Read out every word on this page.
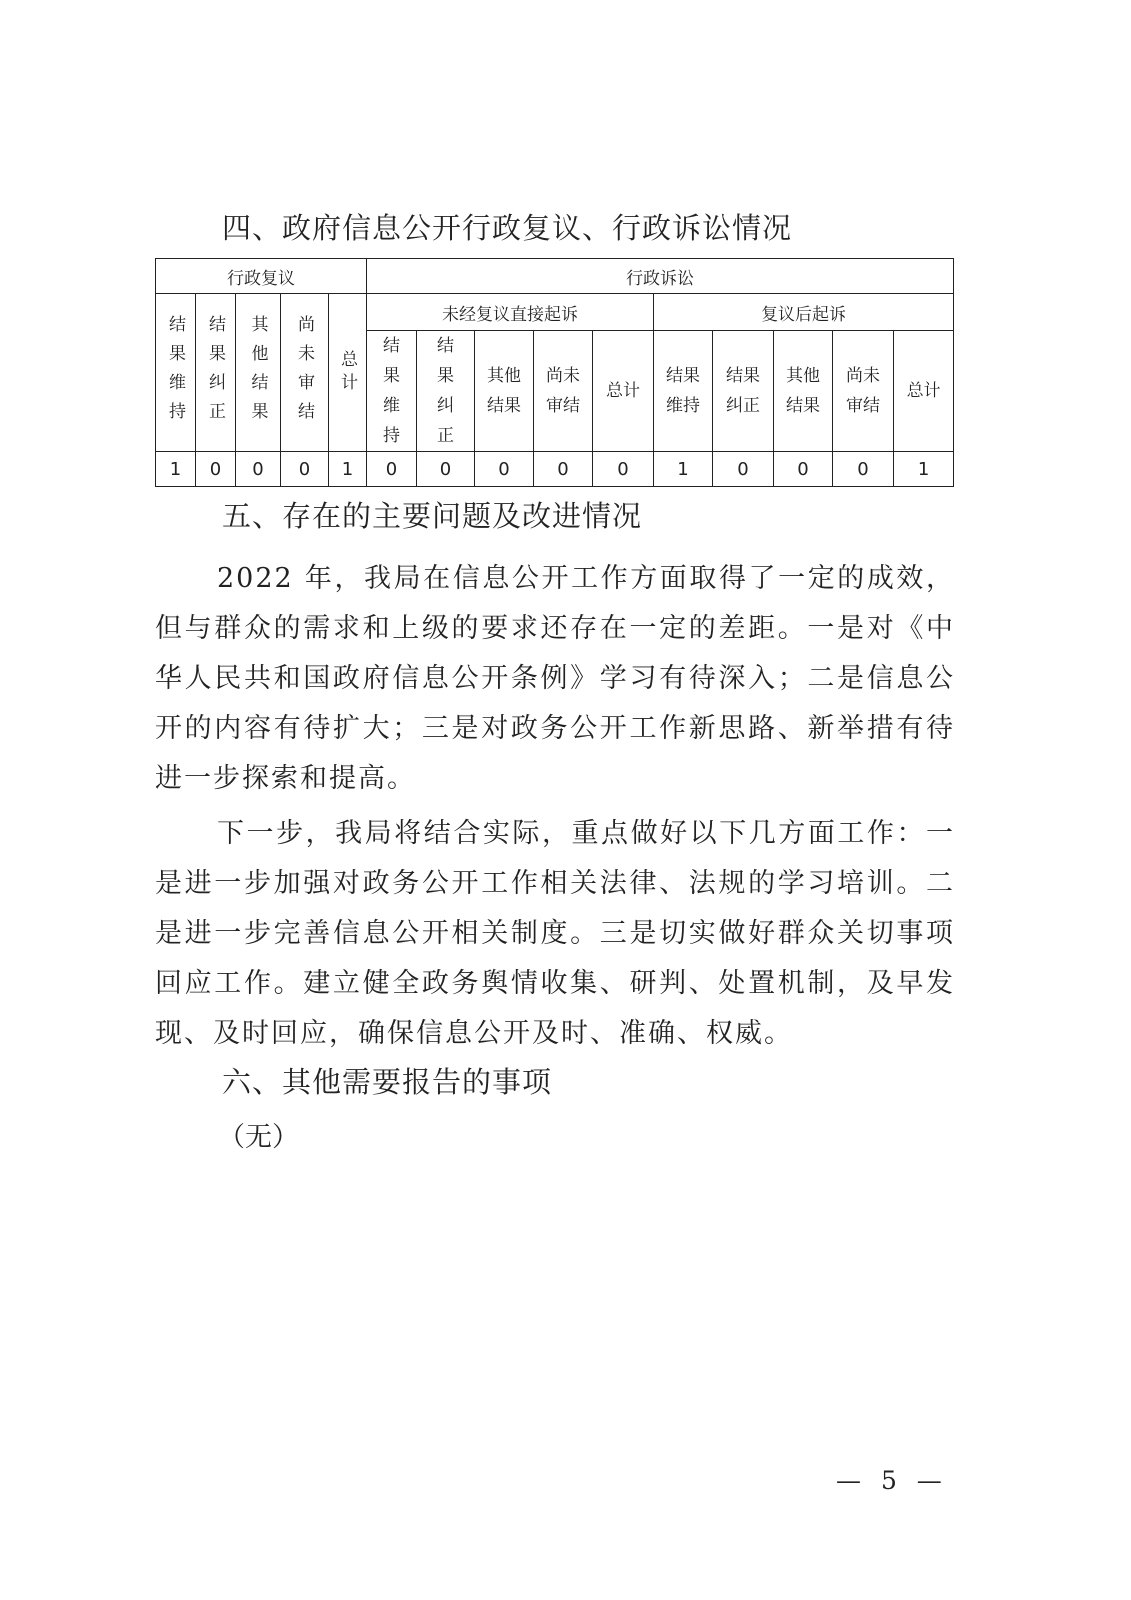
四、政府信息公开行政复议、行政诉讼情况
行政复议					行政诉讼									
结果维持	结果纠正	其他结果	尚未审结	总计	未经复议直接起诉					复议后起诉				
					结果维持	结果纠正	其他结果	尚未审结	总计	结果维持	结果纠正	其他结果	尚未审结	总计
1	0	0	0	1	0	0	0	0	0	1	0	0	0	1
五、存在的主要问题及改进情况

2022 年，我局在信息公开工作方面取得了一定的成效，但与群众的需求和上级的要求还存在一定的差距。一是对《中华人民共和国政府信息公开条例》学习有待深入；二是信息公开的内容有待扩大；三是对政务公开工作新思路、新举措有待进一步探索和提高。

下一步，我局将结合实际，重点做好以下几方面工作：一是进一步加强对政务公开工作相关法律、法规的学习培训。二是进一步完善信息公开相关制度。三是切实做好群众关切事项回应工作。建立健全政务舆情收集、研判、处置机制，及早发现、及时回应，确保信息公开及时、准确、权威。

六、其他需要报告的事项

（无）

— 5 —
